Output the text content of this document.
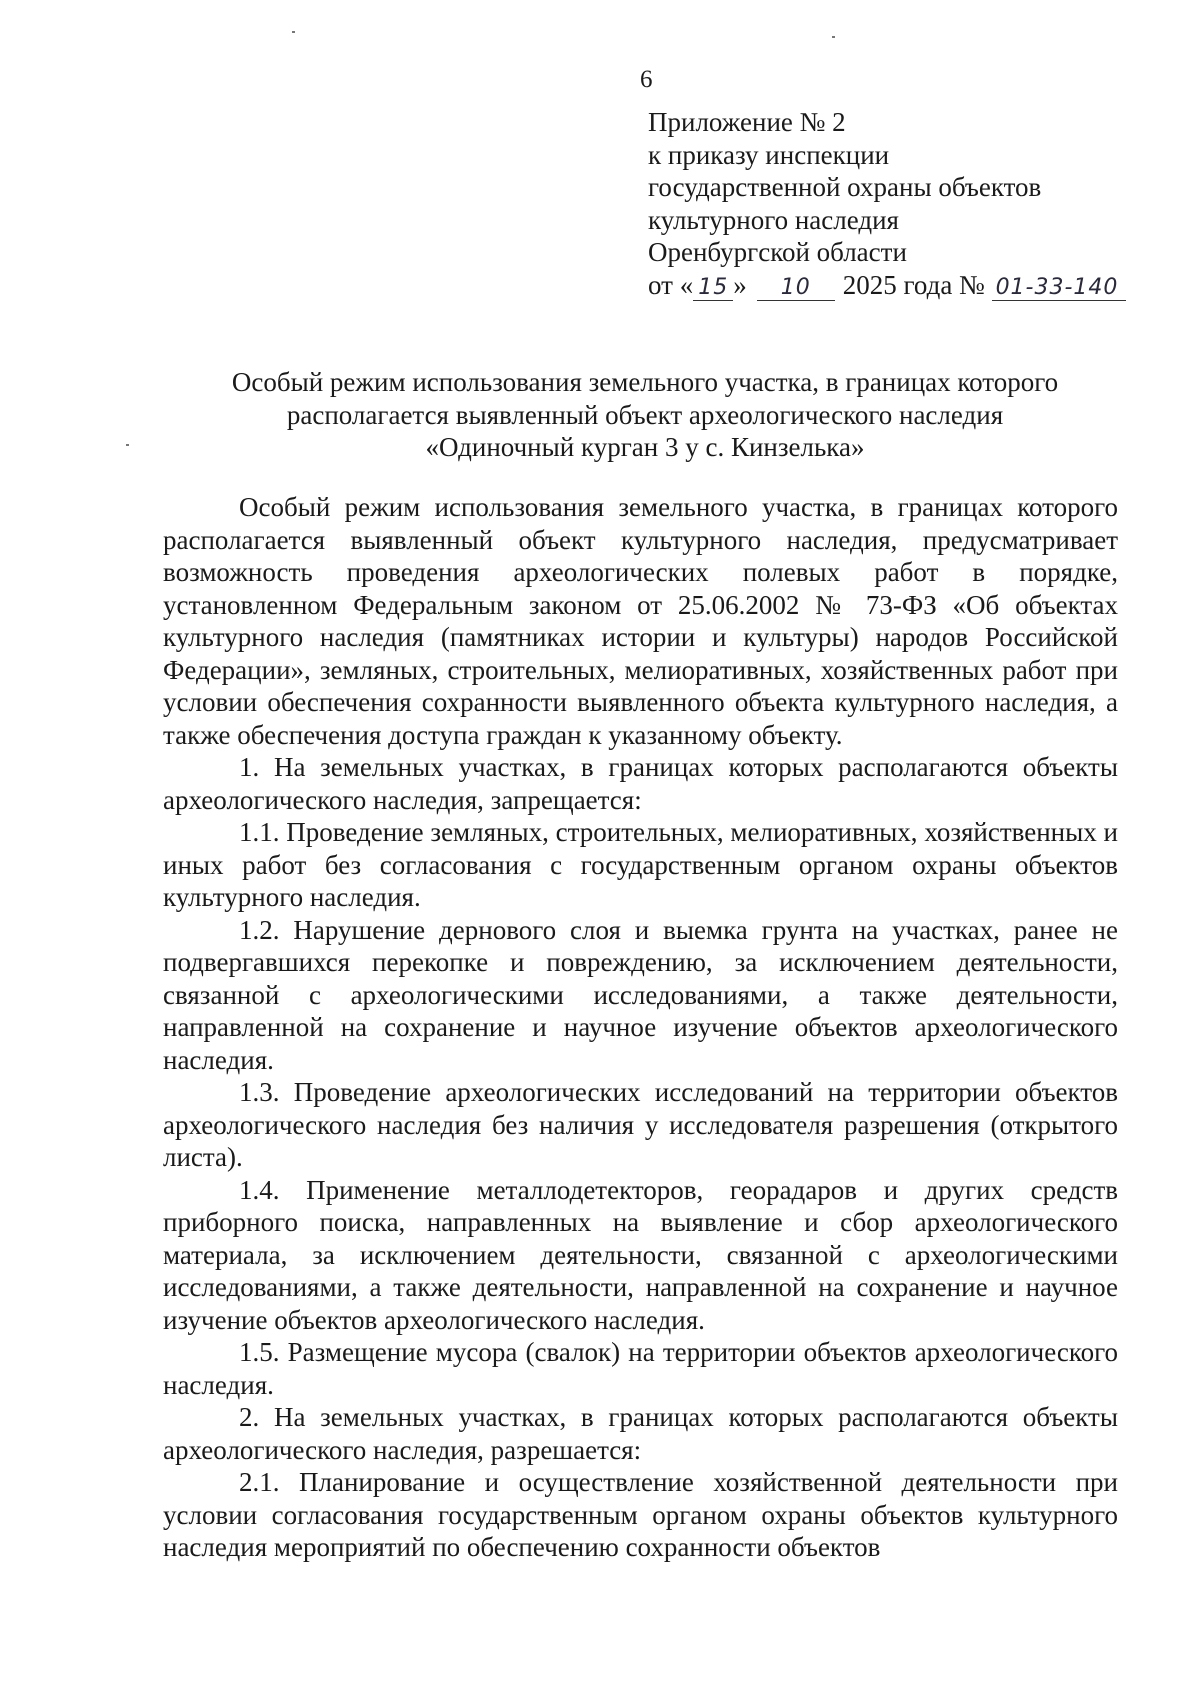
6
Приложение № 2
к приказу инспекции
государственной охраны объектов
культурного наследия
Оренбургской области
от « 15 » 10 2025 года № 01-33-140
Особый режим использования земельного участка, в границах которого
располагается выявленный объект археологического наследия
«Одиночный курган 3 у с. Кинзелька»

Особый режим использования земельного участка, в границах которого располагается выявленный объект культурного наследия, предусматривает возможность проведения археологических полевых работ в порядке, установленном Федеральным законом от 25.06.2002 № 73-ФЗ «Об объектах культурного наследия (памятниках истории и культуры) народов Российской Федерации», земляных, строительных, мелиоративных, хозяйственных работ при условии обеспечения сохранности выявленного объекта культурного наследия, а также обеспечения доступа граждан к указанному объекту.

1. На земельных участках, в границах которых располагаются объекты археологического наследия, запрещается:

1.1. Проведение земляных, строительных, мелиоративных, хозяйственных и иных работ без согласования с государственным органом охраны объектов культурного наследия.

1.2. Нарушение дернового слоя и выемка грунта на участках, ранее не подвергавшихся перекопке и повреждению, за исключением деятельности, связанной с археологическими исследованиями, а также деятельности, направленной на сохранение и научное изучение объектов археологического наследия.

1.3. Проведение археологических исследований на территории объектов археологического наследия без наличия у исследователя разрешения (открытого листа).

1.4. Применение металлодетекторов, георадаров и других средств приборного поиска, направленных на выявление и сбор археологического материала, за исключением деятельности, связанной с археологическими исследованиями, а также деятельности, направленной на сохранение и научное изучение объектов археологического наследия.

1.5. Размещение мусора (свалок) на территории объектов археологического наследия.

2. На земельных участках, в границах которых располагаются объекты археологического наследия, разрешается:

2.1. Планирование и осуществление хозяйственной деятельности при условии согласования государственным органом охраны объектов культурного наследия мероприятий по обеспечению сохранности объектов
